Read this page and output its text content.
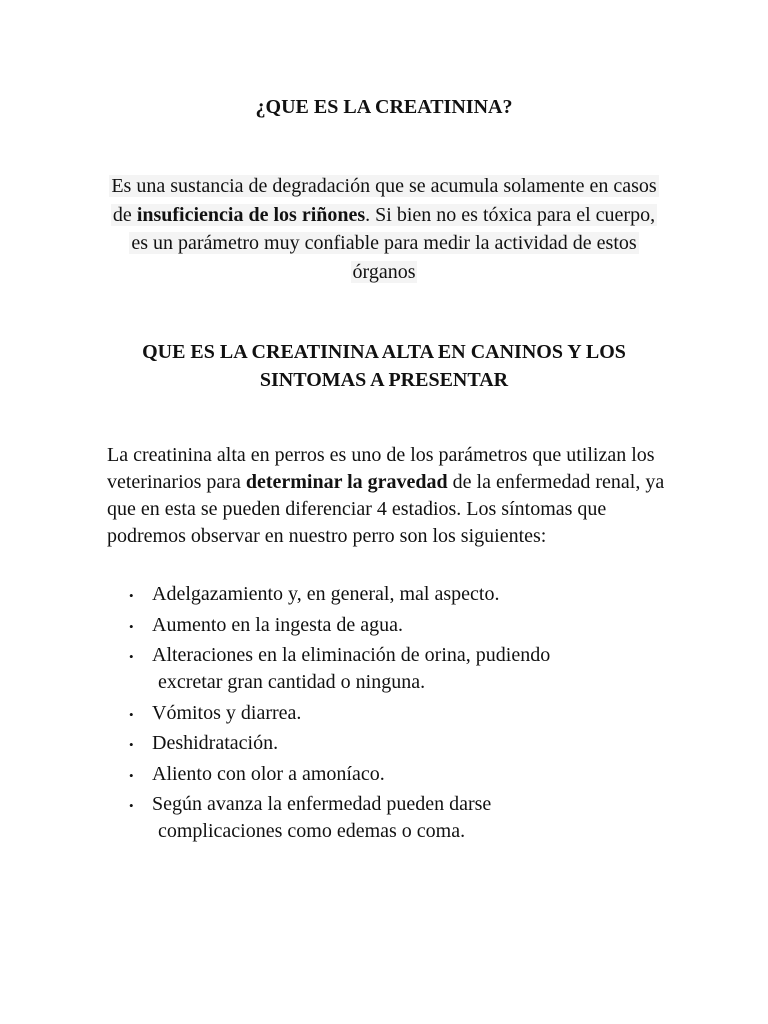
¿QUE ES LA CREATININA?

Es una sustancia de degradación que se acumula solamente en casos de insuficiencia de los riñones. Si bien no es tóxica para el cuerpo, es un parámetro muy confiable para medir la actividad de estos órganos

QUE ES LA CREATININA ALTA EN CANINOS Y LOS SINTOMAS A PRESENTAR

La creatinina alta en perros es uno de los parámetros que utilizan los veterinarios para determinar la gravedad de la enfermedad renal, ya que en esta se pueden diferenciar 4 estadios. Los síntomas que podremos observar en nuestro perro son los siguientes:

• Adelgazamiento y, en general, mal aspecto.
• Aumento en la ingesta de agua.
• Alteraciones en la eliminación de orina, pudiendo
excretar gran cantidad o ninguna.
• Vómitos y diarrea.
• Deshidratación.
• Aliento con olor a amoníaco.
• Según avanza la enfermedad pueden darse
complicaciones como edemas o coma.
